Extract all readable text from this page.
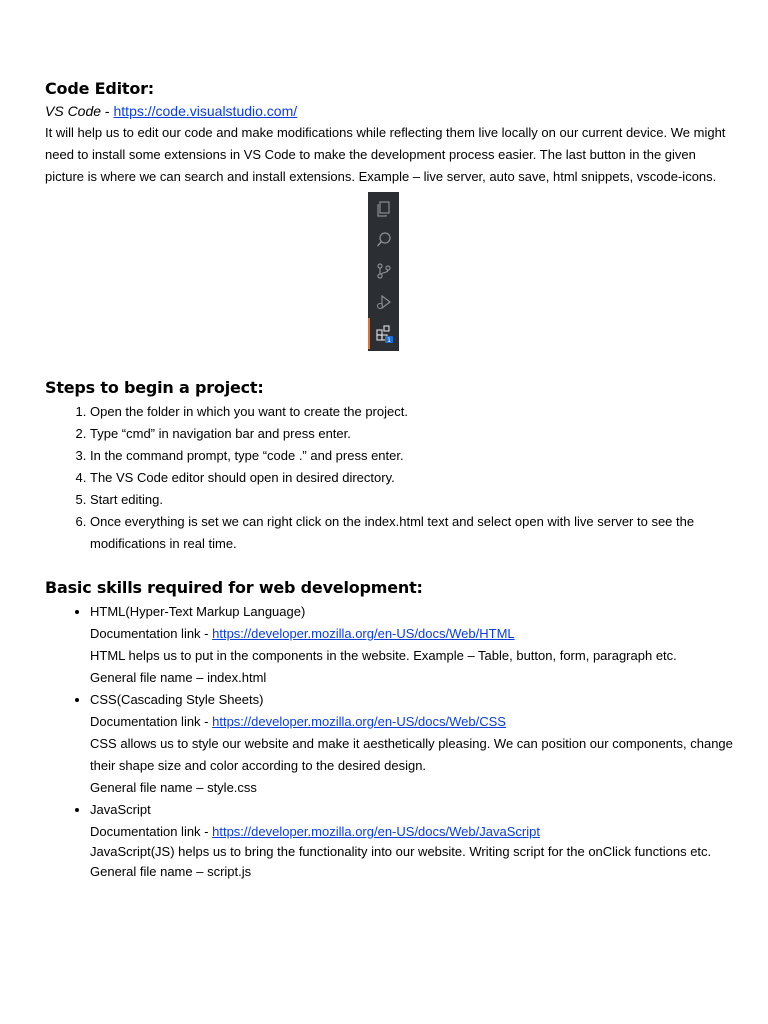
Code Editor:

VS Code - https://code.visualstudio.com/

It will help us to edit our code and make modifications while reflecting them live locally on our current device. We might need to install some extensions in VS Code to make the development process easier. The last button in the given picture is where we can search and install extensions. Example – live server, auto save, html snippets, vscode-icons.

1
Steps to begin a project:
1. Open the folder in which you want to create the project.
2. Type “cmd” in navigation bar and press enter.
3. In the command prompt, type “code .” and press enter.
4. The VS Code editor should open in desired directory.
5. Start editing.
6. Once everything is set we can right click on the index.html text and select open with live server to see the modifications in real time.
Basic skills required for web development:
• HTML(Hyper-Text Markup Language)
Documentation link - https://developer.mozilla.org/en-US/docs/Web/HTML
HTML helps us to put in the components in the website. Example – Table, button, form, paragraph etc.
General file name – index.html
• CSS(Cascading Style Sheets)
Documentation link - https://developer.mozilla.org/en-US/docs/Web/CSS
CSS allows us to style our website and make it aesthetically pleasing. We can position our components, change their shape size and color according to the desired design.
General file name – style.css
• JavaScript
Documentation link - https://developer.mozilla.org/en-US/docs/Web/JavaScript
JavaScript(JS) helps us to bring the functionality into our website. Writing script for the onClick functions etc.
General file name – script.js
